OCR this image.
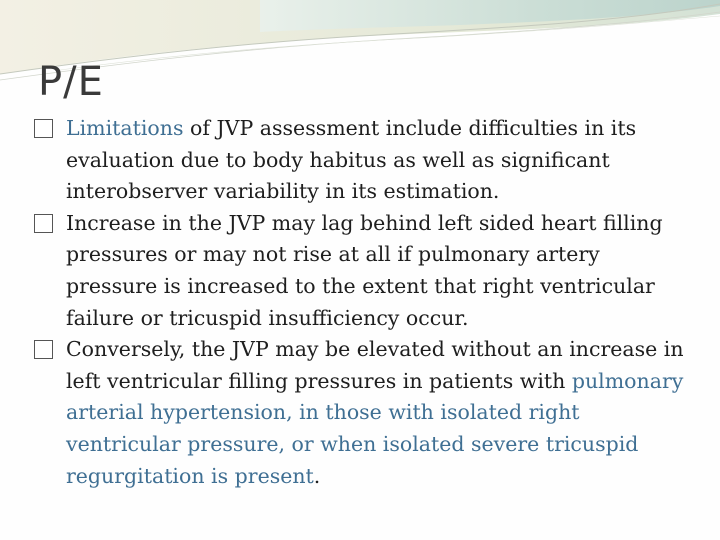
P/E
Limitations of JVP assessment include difficulties in its evaluation due to body habitus as well as significant interobserver variability in its estimation.
Increase in the JVP may lag behind left sided heart filling pressures or may not rise at all if pulmonary artery pressure is increased to the extent that right ventricular failure or tricuspid insufficiency occur.
Conversely, the JVP may be elevated without an increase in left ventricular filling pressures in patients with pulmonary arterial hypertension, in those with isolated right ventricular pressure, or when isolated severe tricuspid regurgitation is present.
